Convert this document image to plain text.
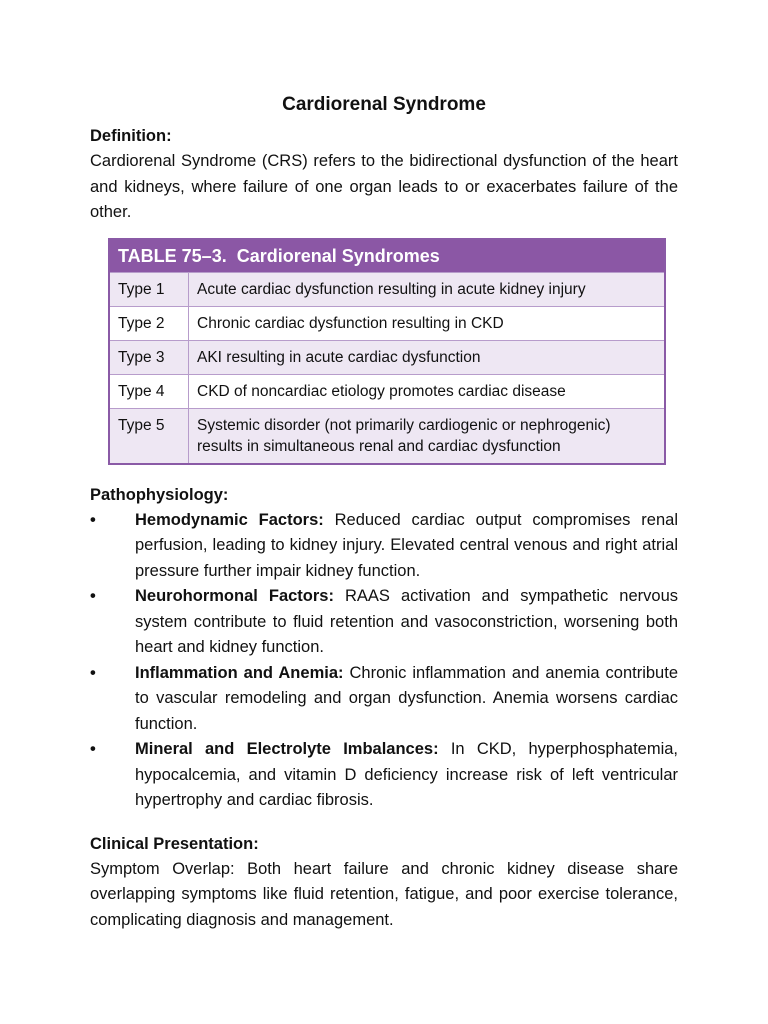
Cardiorenal Syndrome
Definition:

Cardiorenal Syndrome (CRS) refers to the bidirectional dysfunction of the heart and kidneys, where failure of one organ leads to or exacerbates failure of the other.

TABLE 75–3. Cardiorenal Syndromes
Type 1	Acute cardiac dysfunction resulting in acute kidney injury
Type 2	Chronic cardiac dysfunction resulting in CKD
Type 3	AKI resulting in acute cardiac dysfunction
Type 4	CKD of noncardiac etiology promotes cardiac disease
Type 5	Systemic disorder (not primarily cardiogenic or nephrogenic) results in simultaneous renal and cardiac dysfunction
Pathophysiology:
•	Hemodynamic Factors: Reduced cardiac output compromises renal perfusion, leading to kidney injury. Elevated central venous and right atrial pressure further impair kidney function.
•	Neurohormonal Factors: RAAS activation and sympathetic nervous system contribute to fluid retention and vasoconstriction, worsening both heart and kidney function.
•	Inflammation and Anemia: Chronic inflammation and anemia contribute to vascular remodeling and organ dysfunction. Anemia worsens cardiac function.
•	Mineral and Electrolyte Imbalances: In CKD, hyperphosphatemia, hypocalcemia, and vitamin D deficiency increase risk of left ventricular hypertrophy and cardiac fibrosis.
Clinical Presentation:

Symptom Overlap: Both heart failure and chronic kidney disease share overlapping symptoms like fluid retention, fatigue, and poor exercise tolerance, complicating diagnosis and management.
